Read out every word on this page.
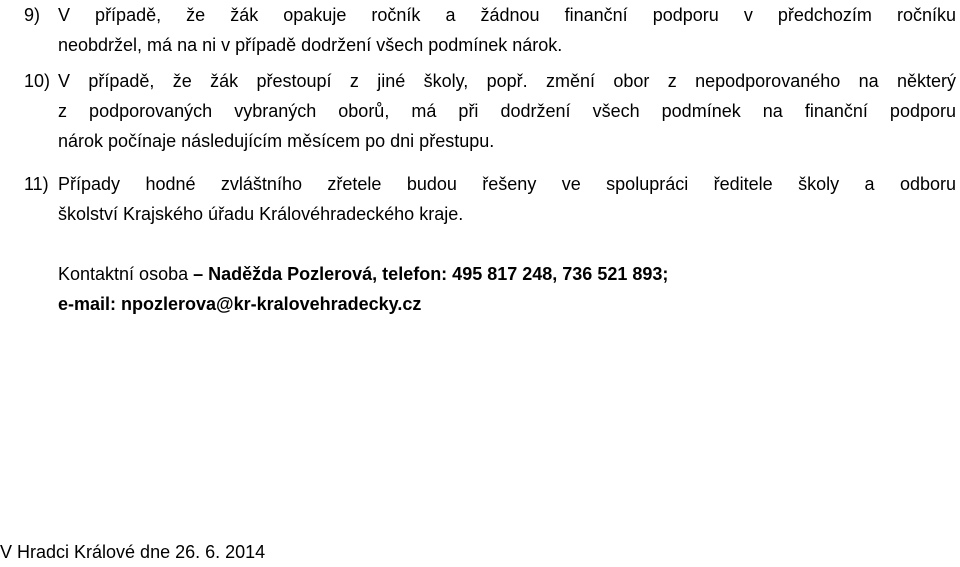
9) V případě, že žák opakuje ročník a žádnou finanční podporu v předchozím ročníku
neobdržel, má na ni v případě dodržení všech podmínek nárok.
10) V případě, že žák přestoupí z jiné školy, popř. změní obor z nepodporovaného na některý
z podporovaných vybraných oborů, má při dodržení všech podmínek na finanční podporu
nárok počínaje následujícím měsícem po dni přestupu.
11) Případy hodné zvláštního zřetele budou řešeny ve spolupráci ředitele školy a odboru
školství Krajského úřadu Královéhradeckého kraje.
Kontaktní osoba – Naděžda Pozlerová, telefon: 495 817 248, 736 521 893;
e-mail: npozlerova@kr-kralovehradecky.cz
V Hradci Králové dne 26. 6. 2014
